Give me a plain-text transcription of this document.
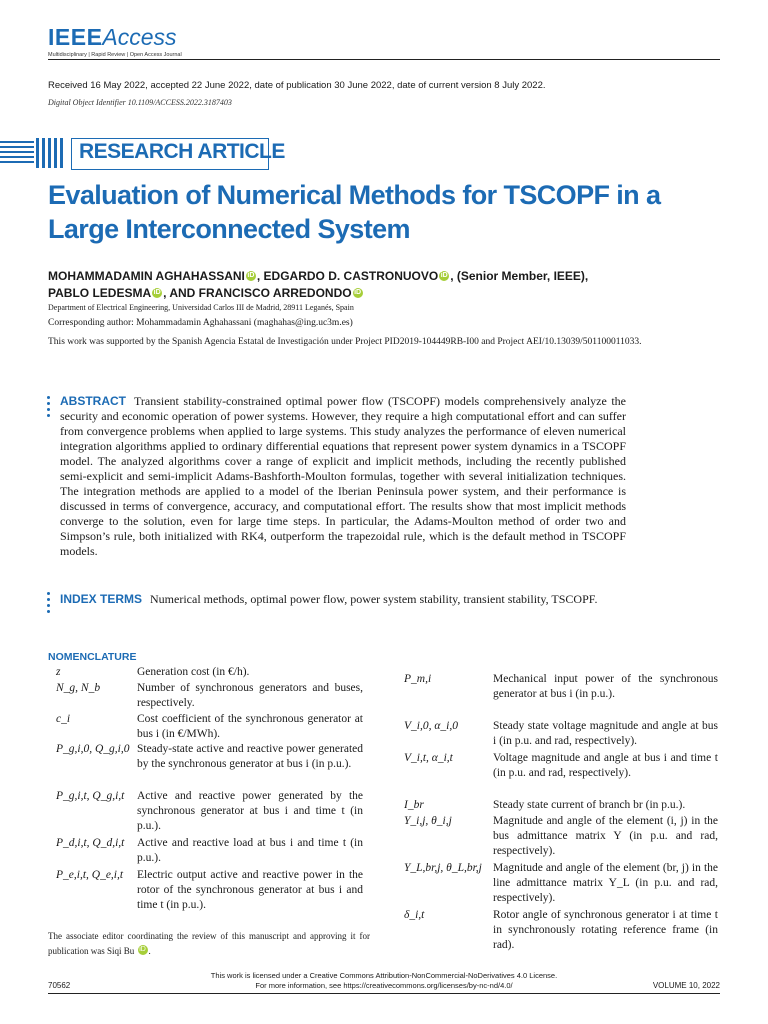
IEEEAccess
Multidisciplinary | Rapid Review | Open Access Journal
Received 16 May 2022, accepted 22 June 2022, date of publication 30 June 2022, date of current version 8 July 2022.
Digital Object Identifier 10.1109/ACCESS.2022.3187403
RESEARCH ARTICLE
Evaluation of Numerical Methods for TSCOPF in a
Large Interconnected System
MOHAMMADAMIN AGHAHASSANI iD , EDGARDO D. CASTRONUOVO iD , (Senior Member, IEEE),
PABLO LEDESMA iD , AND FRANCISCO ARREDONDO iD
Department of Electrical Engineering, Universidad Carlos III de Madrid, 28911 Leganés, Spain
Corresponding author: Mohammadamin Aghahassani (maghahas@ing.uc3m.es)
This work was supported by the Spanish Agencia Estatal de Investigación under Project PID2019-104449RB-I00 and Project AEI/10.13039/501100011033.
ABSTRACT Transient stability-constrained optimal power flow (TSCOPF) models comprehensively analyze the security and economic operation of power systems. However, they require a high computational effort and can suffer from convergence problems when applied to large systems. This study analyzes the performance of eleven numerical integration algorithms applied to ordinary differential equations that represent power system dynamics in a TSCOPF model. The analyzed algorithms cover a range of explicit and implicit methods, including the recently published semi-explicit and semi-implicit Adams-Bashforth-Moulton formulas, together with several initialization techniques. The integration methods are applied to a model of the Iberian Peninsula power system, and their performance is discussed in terms of convergence, accuracy, and computational effort. The results show that most implicit methods converge to the solution, even for large time steps. In particular, the Adams-Moulton method of order two and Simpson’s rule, both initialized with RK4, outperform the trapezoidal rule, which is the default method in TSCOPF models.
INDEX TERMS Numerical methods, optimal power flow, power system stability, transient stability, TSCOPF.
NOMENCLATURE
z	Generation cost (in €/h).
N_g, N_b	Number of synchronous generators and buses, respectively.
c_i	Cost coefficient of the synchronous generator at bus i (in €/MWh).
P_g,i,0, Q_g,i,0 Steady-state active and reactive power generated by the synchronous generator at bus i (in p.u.).
P_g,i,t, Q_g,i,t Active and reactive power generated by the synchronous generator at bus i and time t (in p.u.).
P_d,i,t, Q_d,i,t Active and reactive load at bus i and time t (in p.u.).
P_e,i,t, Q_e,i,t Electric output active and reactive power in the rotor of the synchronous generator at bus i and time t (in p.u.).
P_m,i	Mechanical input power of the synchronous generator at bus i (in p.u.).
V_i,0, α_i,0	Steady state voltage magnitude and angle at bus i (in p.u. and rad, respectively).
V_i,t, α_i,t	Voltage magnitude and angle at bus i and time t (in p.u. and rad, respectively).
I_br	Steady state current of branch br (in p.u.).
Y_i,j, θ_i,j	Magnitude and angle of the element (i, j) in the bus admittance matrix Y (in p.u. and rad, respectively).
Y_L,br,j, θ_L,br,j Magnitude and angle of the element (br, j) in the line admittance matrix Y_L (in p.u. and rad, respectively).
δ_i,t	Rotor angle of synchronous generator i at time t in synchronously rotating reference frame (in rad).
The associate editor coordinating the review of this manuscript and approving it for publication was Siqi Bu iD .
This work is licensed under a Creative Commons Attribution-NonCommercial-NoDerivatives 4.0 License.
For more information, see https://creativecommons.org/licenses/by-nc-nd/4.0/
70562	VOLUME 10, 2022
